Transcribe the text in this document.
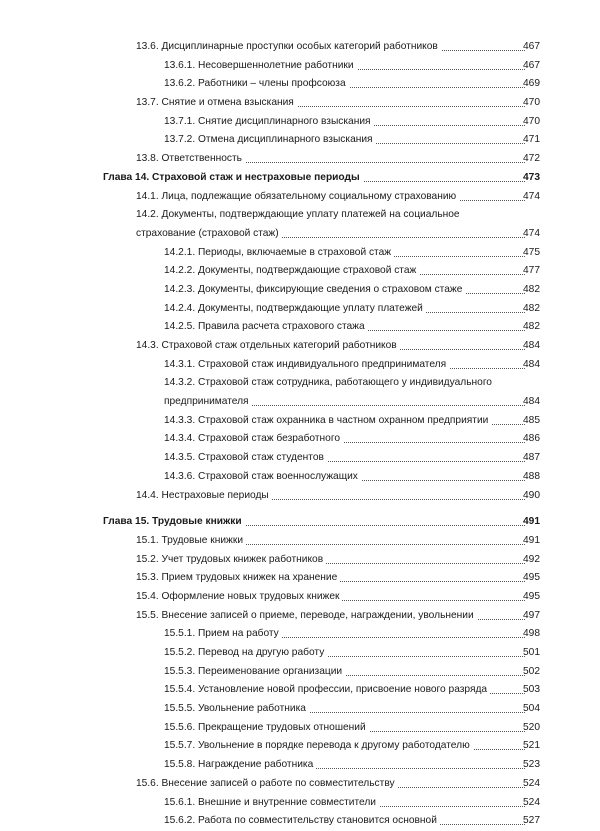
13.6. Дисциплинарные проступки особых категорий работников	467
13.6.1. Несовершеннолетние работники	467
13.6.2. Работники – члены профсоюза	469
13.7. Снятие и отмена взыскания	470
13.7.1. Снятие дисциплинарного взыскания	470
13.7.2. Отмена дисциплинарного взыскания	471
13.8. Ответственность	472
Глава 14. Страховой стаж и нестраховые периоды	473
14.1. Лица, подлежащие обязательному социальному страхованию	474
14.2. Документы, подтверждающие уплату платежей на социальное
страхование (страховой стаж)	474
14.2.1. Периоды, включаемые в страховой стаж	475
14.2.2. Документы, подтверждающие страховой стаж	477
14.2.3. Документы, фиксирующие сведения о страховом стаже	482
14.2.4. Документы, подтверждающие уплату платежей	482
14.2.5. Правила расчета страхового стажа	482
14.3. Страховой стаж отдельных категорий работников	484
14.3.1. Страховой стаж индивидуального предпринимателя	484
14.3.2. Страховой стаж сотрудника, работающего у индивидуального
предпринимателя	484
14.3.3. Страховой стаж охранника в частном охранном предприятии	485
14.3.4. Страховой стаж безработного	486
14.3.5. Страховой стаж студентов	487
14.3.6. Страховой стаж военнослужащих	488
14.4. Нестраховые периоды	490
Глава 15. Трудовые книжки	491
15.1. Трудовые книжки	491
15.2. Учет трудовых книжек работников	492
15.3. Прием трудовых книжек на хранение	495
15.4. Оформление новых трудовых книжек	495
15.5. Внесение записей о приеме, переводе, награждении, увольнении	497
15.5.1. Прием на работу	498
15.5.2. Перевод на другую работу	501
15.5.3. Переименование организации	502
15.5.4. Установление новой профессии, присвоение нового разряда	503
15.5.5. Увольнение работника	504
15.5.6. Прекращение трудовых отношений	520
15.5.7. Увольнение в порядке перевода к другому работодателю	521
15.5.8. Награждение работника	523
15.6. Внесение записей о работе по совместительству	524
15.6.1. Внешние и внутренние совместители	524
15.6.2. Работа по совместительству становится основной	527
